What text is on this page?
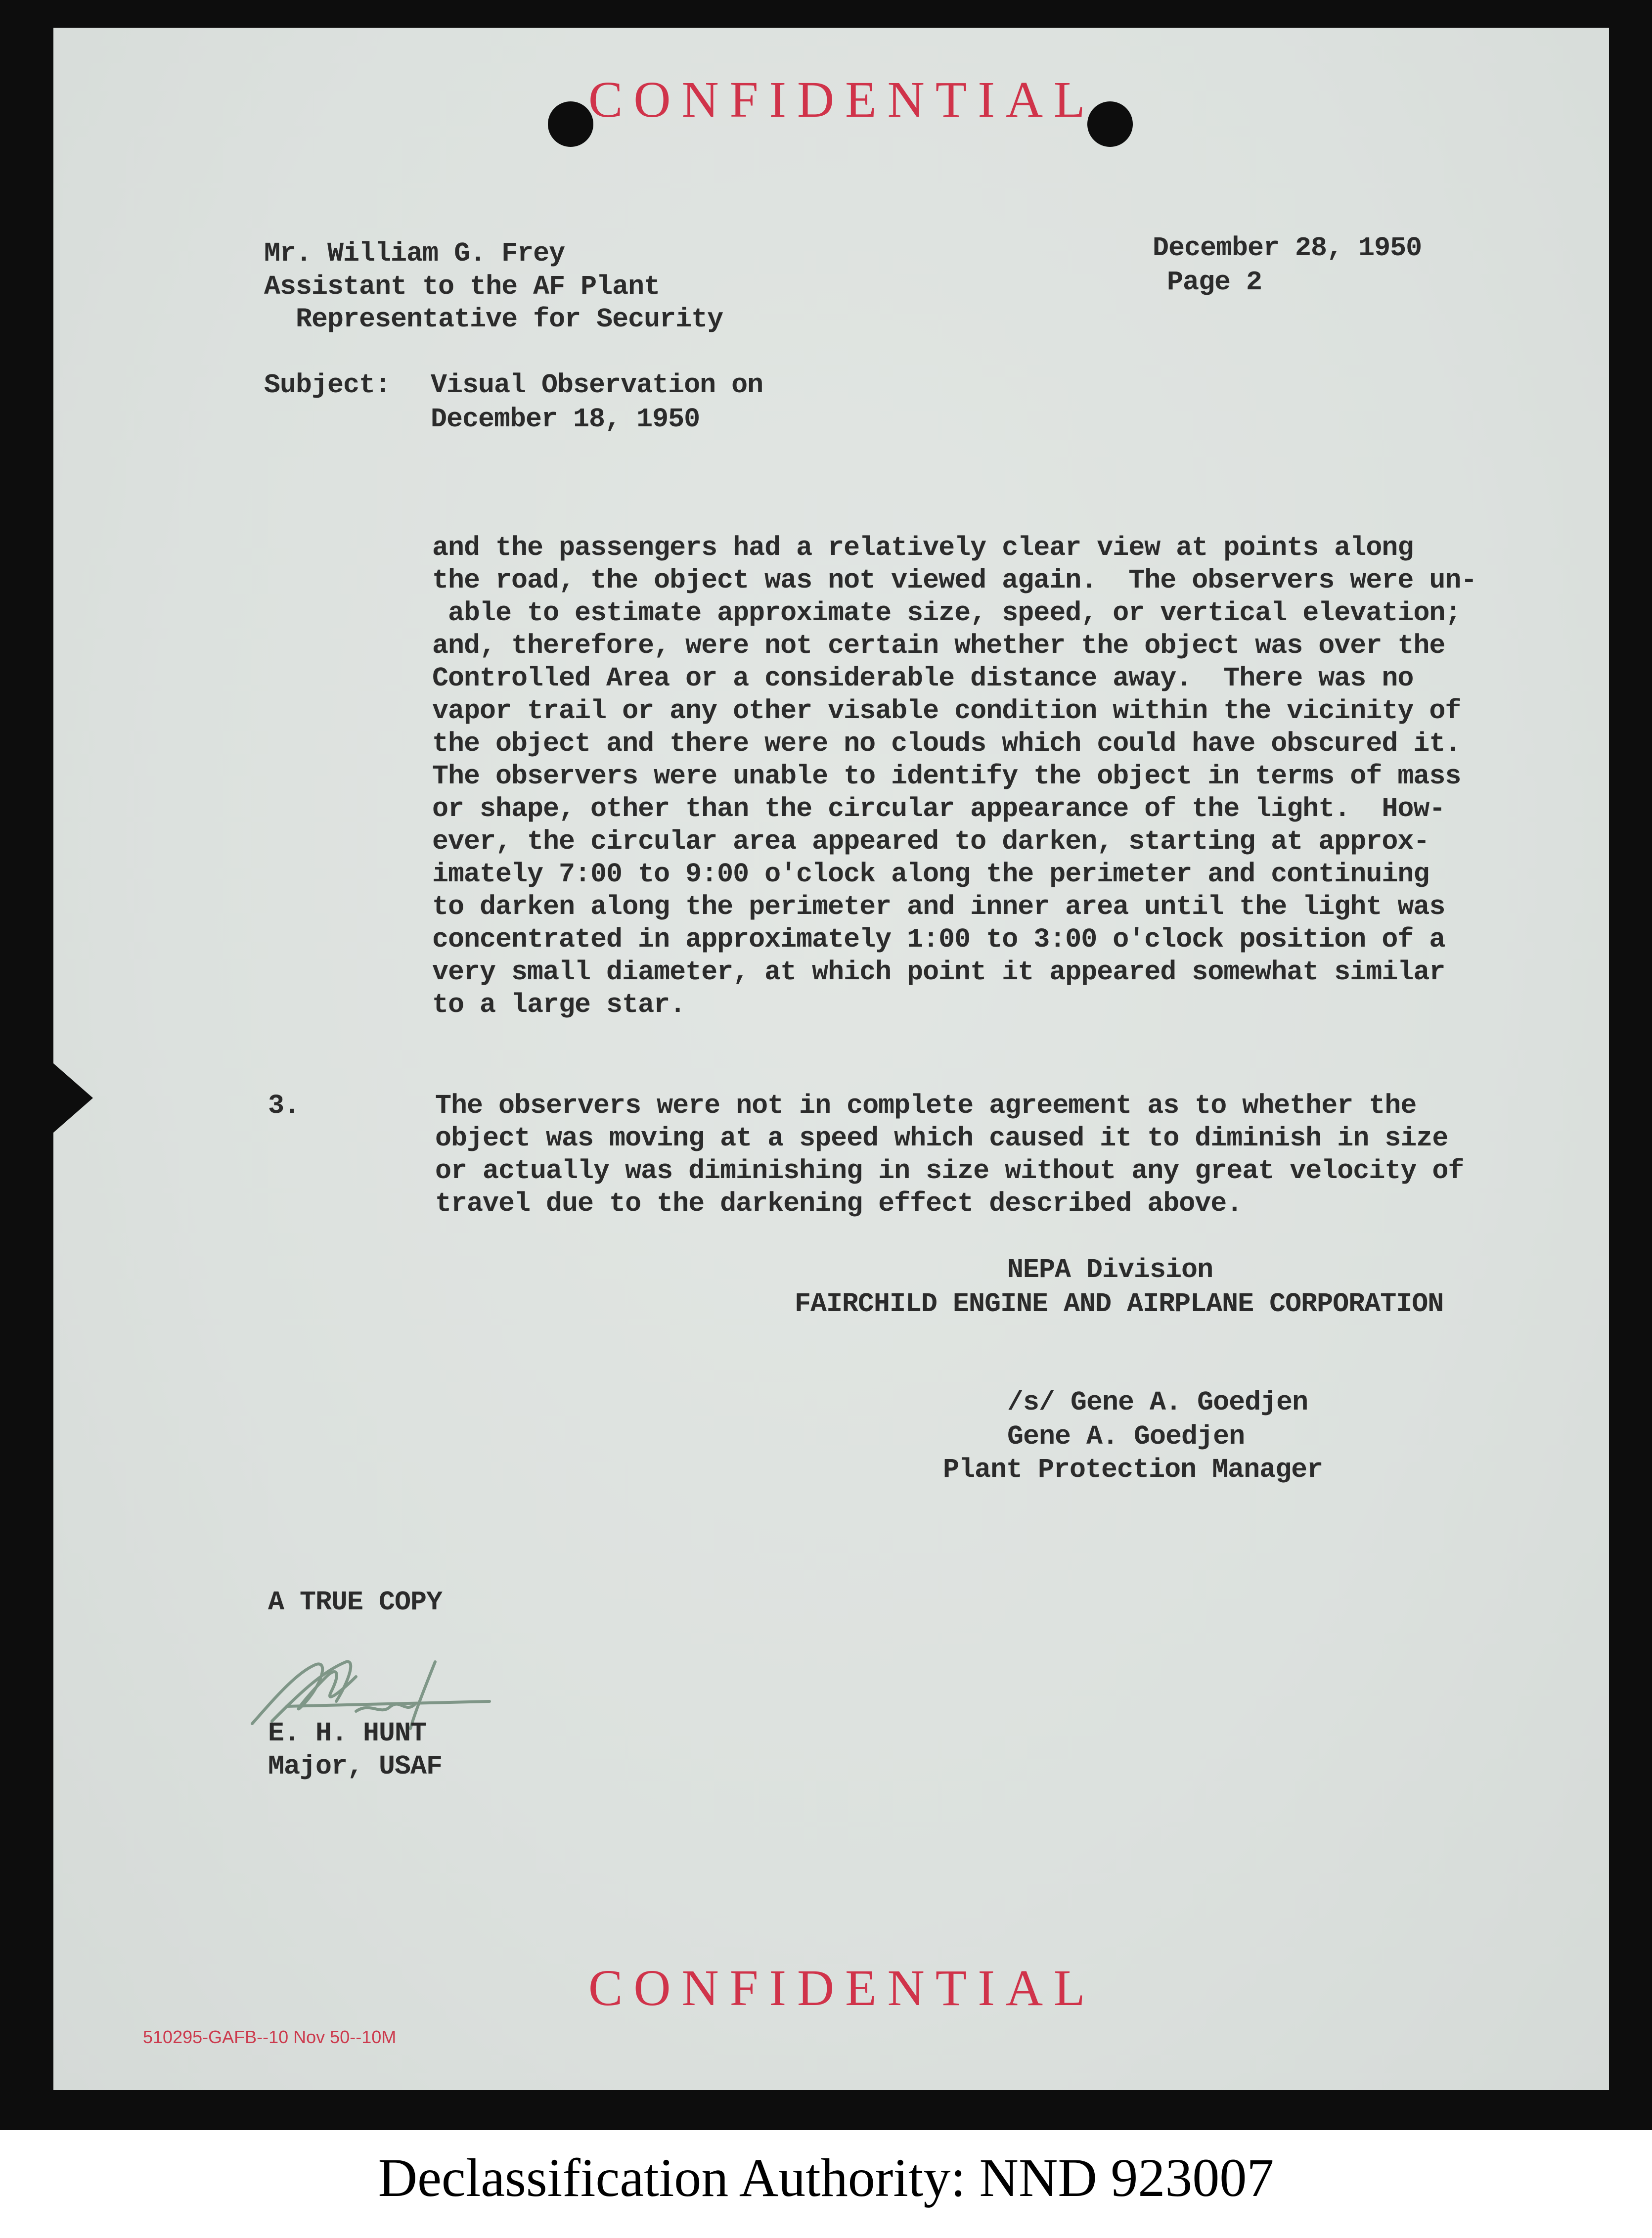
CONFIDENTIAL
Mr. William G. Frey
Assistant to the AF Plant
Representative for Security
December 28, 1950
Page 2
Subject: Visual Observation on
December 18, 1950
and the passengers had a relatively clear view at points along
the road, the object was not viewed again.  The observers were un-
able to estimate approximate size, speed, or vertical elevation;
and, therefore, were not certain whether the object was over the
Controlled Area or a considerable distance away.  There was no
vapor trail or any other visable condition within the vicinity of
the object and there were no clouds which could have obscured it.
The observers were unable to identify the object in terms of mass
or shape, other than the circular appearance of the light.  How-
ever, the circular area appeared to darken, starting at approx-
imately 7:00 to 9:00 o'clock along the perimeter and continuing
to darken along the perimeter and inner area until the light was
concentrated in approximately 1:00 to 3:00 o'clock position of a
very small diameter, at which point it appeared somewhat similar
to a large star.
3.	The observers were not in complete agreement as to whether the
object was moving at a speed which caused it to diminish in size
or actually was diminishing in size without any great velocity of
travel due to the darkening effect described above.
NEPA Division
FAIRCHILD ENGINE AND AIRPLANE CORPORATION
/s/ Gene A. Goedjen
Gene A. Goedjen
Plant Protection Manager
A TRUE COPY
E. H. HUNT
Major, USAF
CONFIDENTIAL
510295-GAFB--10 Nov 50--10M
Declassification Authority: NND 923007
